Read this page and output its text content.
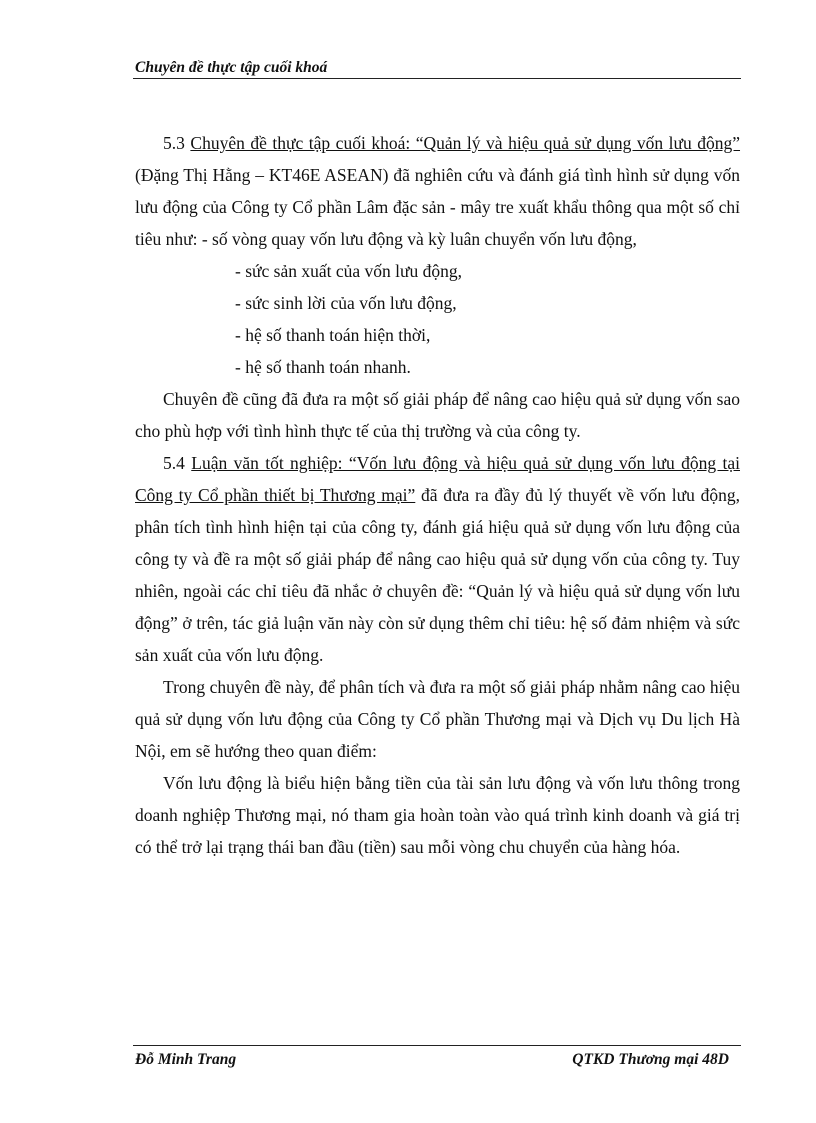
Chuyên đề thực tập cuối khoá

5.3 Chuyên đề thực tập cuối khoá: “Quản lý và hiệu quả sử dụng vốn lưu động” (Đặng Thị Hằng – KT46E ASEAN) đã nghiên cứu và đánh giá tình hình sử dụng vốn lưu động của Công ty Cổ phần Lâm đặc sản - mây tre xuất khẩu thông qua một số chỉ tiêu như: - số vòng quay vốn lưu động và kỳ luân chuyển vốn lưu động,

- sức sản xuất của vốn lưu động,
- sức sinh lời của vốn lưu động,
- hệ số thanh toán hiện thời,
- hệ số thanh toán nhanh.

Chuyên đề cũng đã đưa ra một số giải pháp để nâng cao hiệu quả sử dụng vốn sao cho phù hợp với tình hình thực tế của thị trường và của công ty.

5.4 Luận văn tốt nghiệp: “Vốn lưu động và hiệu quả sử dụng vốn lưu động tại Công ty Cổ phần thiết bị Thương mại” đã đưa ra đầy đủ lý thuyết về vốn lưu động, phân tích tình hình hiện tại của công ty, đánh giá hiệu quả sử dụng vốn lưu động của công ty và đề ra một số giải pháp để nâng cao hiệu quả sử dụng vốn của công ty. Tuy nhiên, ngoài các chỉ tiêu đã nhắc ở chuyên đề: “Quản lý và hiệu quả sử dụng vốn lưu động” ở trên, tác giả luận văn này còn sử dụng thêm chỉ tiêu: hệ số đảm nhiệm và sức sản xuất của vốn lưu động.

Trong chuyên đề này, để phân tích và đưa ra một số giải pháp nhằm nâng cao hiệu quả sử dụng vốn lưu động của Công ty Cổ phần Thương mại và Dịch vụ Du lịch Hà Nội, em sẽ hướng theo quan điểm:

Vốn lưu động là biểu hiện bằng tiền của tài sản lưu động và vốn lưu thông trong doanh nghiệp Thương mại, nó tham gia hoàn toàn vào quá trình kinh doanh và giá trị có thể trở lại trạng thái ban đầu (tiền) sau mỗi vòng chu chuyển của hàng hóa.

Đỗ Minh Trang	QTKD Thương mại 48D
